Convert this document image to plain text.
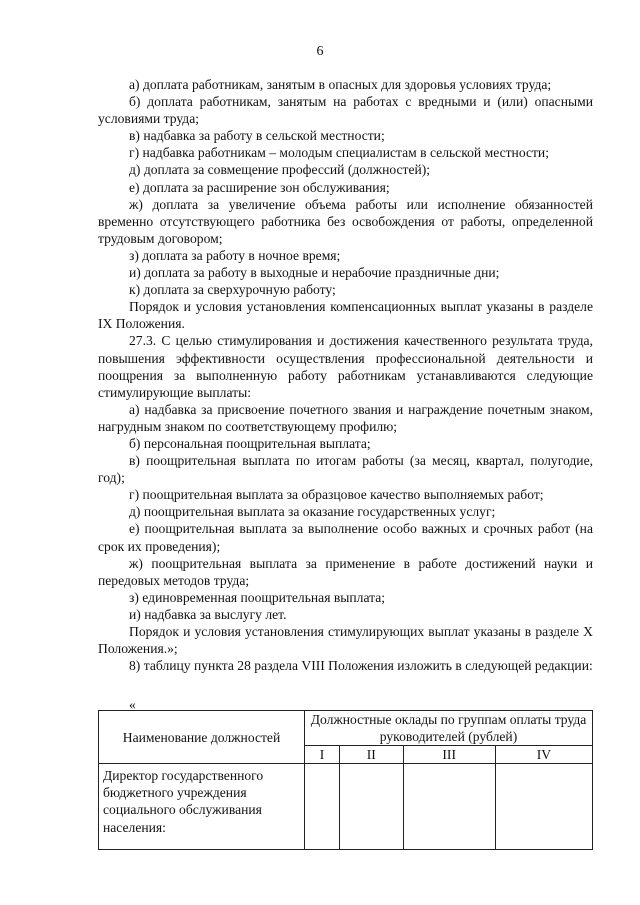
6

а) доплата работникам, занятым в опасных для здоровья условиях труда;

б) доплата работникам, занятым на работах с вредными и (или) опасными условиями труда;

в) надбавка за работу в сельской местности;

г) надбавка работникам – молодым специалистам в сельской местности;

д) доплата за совмещение профессий (должностей);

е) доплата за расширение зон обслуживания;

ж) доплата за увеличение объема работы или исполнение обязанностей временно отсутствующего работника без освобождения от работы, определенной трудовым договором;

з) доплата за работу в ночное время;

и) доплата за работу в выходные и нерабочие праздничные дни;

к) доплата за сверхурочную работу;

Порядок и условия установления компенсационных выплат указаны в разделе IX Положения.

27.3. С целью стимулирования и достижения качественного результата труда, повышения эффективности осуществления профессиональной деятельности и поощрения за выполненную работу работникам устанавливаются следующие стимулирующие выплаты:

а) надбавка за присвоение почетного звания и награждение почетным знаком, нагрудным знаком по соответствующему профилю;

б) персональная поощрительная выплата;

в) поощрительная выплата по итогам работы (за месяц, квартал, полугодие, год);

г) поощрительная выплата за образцовое качество выполняемых работ;

д) поощрительная выплата за оказание государственных услуг;

е) поощрительная выплата за выполнение особо важных и срочных работ (на срок их проведения);

ж) поощрительная выплата за применение в работе достижений науки и передовых методов труда;

з) единовременная поощрительная выплата;

и) надбавка за выслугу лет.

Порядок и условия установления стимулирующих выплат указаны в разделе X Положения.»;

8) таблицу пункта 28 раздела VIII Положения изложить в следующей редакции:

«
Наименование должностей	Должностные оклады по группам оплаты труда руководителей (рублей)			
	I	II	III	IV
Директор государственного бюджетного учреждения социального обслуживания населения:				
